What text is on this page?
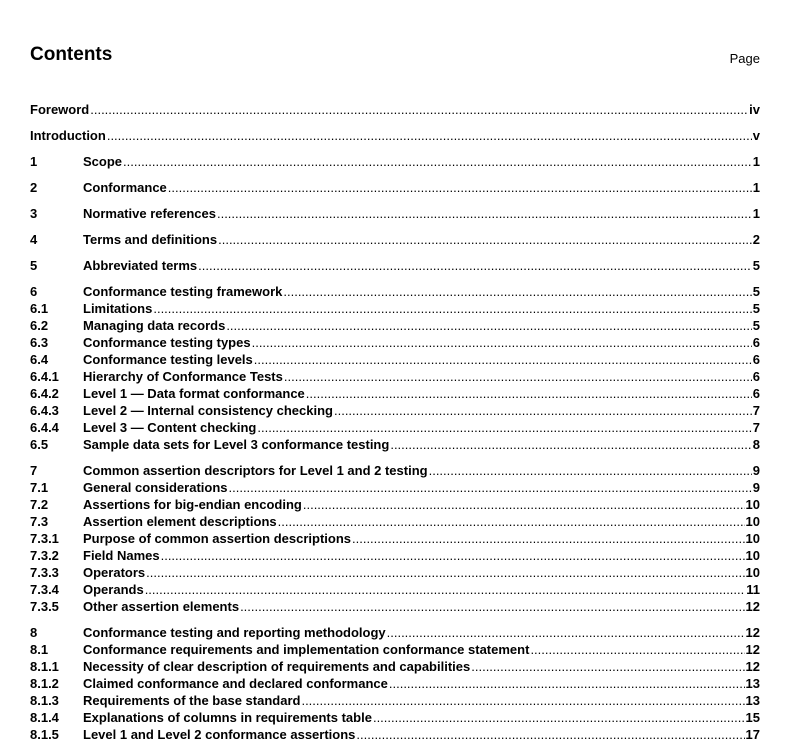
Contents	Page
Foreword .....	iv
Introduction .....	v
1	Scope .....	1
2	Conformance .....	1
3	Normative references .....	1
4	Terms and definitions .....	2
5	Abbreviated terms .....	5
6	Conformance testing framework .....	5
6.1	Limitations .....	5
6.2	Managing data records .....	5
6.3	Conformance testing types .....	6
6.4	Conformance testing levels .....	6
6.4.1	Hierarchy of Conformance Tests .....	6
6.4.2	Level 1 — Data format conformance .....	6
6.4.3	Level 2 — Internal consistency checking .....	7
6.4.4	Level 3 — Content checking .....	7
6.5	Sample data sets for Level 3 conformance testing .....	8
7	Common assertion descriptors for Level 1 and 2 testing .....	9
7.1	General considerations .....	9
7.2	Assertions for big-endian encoding .....	10
7.3	Assertion element descriptions .....	10
7.3.1	Purpose of common assertion descriptions .....	10
7.3.2	Field Names .....	10
7.3.3	Operators .....	10
7.3.4	Operands .....	11
7.3.5	Other assertion elements .....	12
8	Conformance testing and reporting methodology .....	12
8.1	Conformance requirements and implementation conformance statement .....	12
8.1.1	Necessity of clear description of requirements and capabilities .....	12
8.1.2	Claimed conformance and declared conformance .....	13
8.1.3	Requirements of the base standard .....	13
8.1.4	Explanations of columns in requirements table .....	15
8.1.5	Level 1 and Level 2 conformance assertions .....	17
